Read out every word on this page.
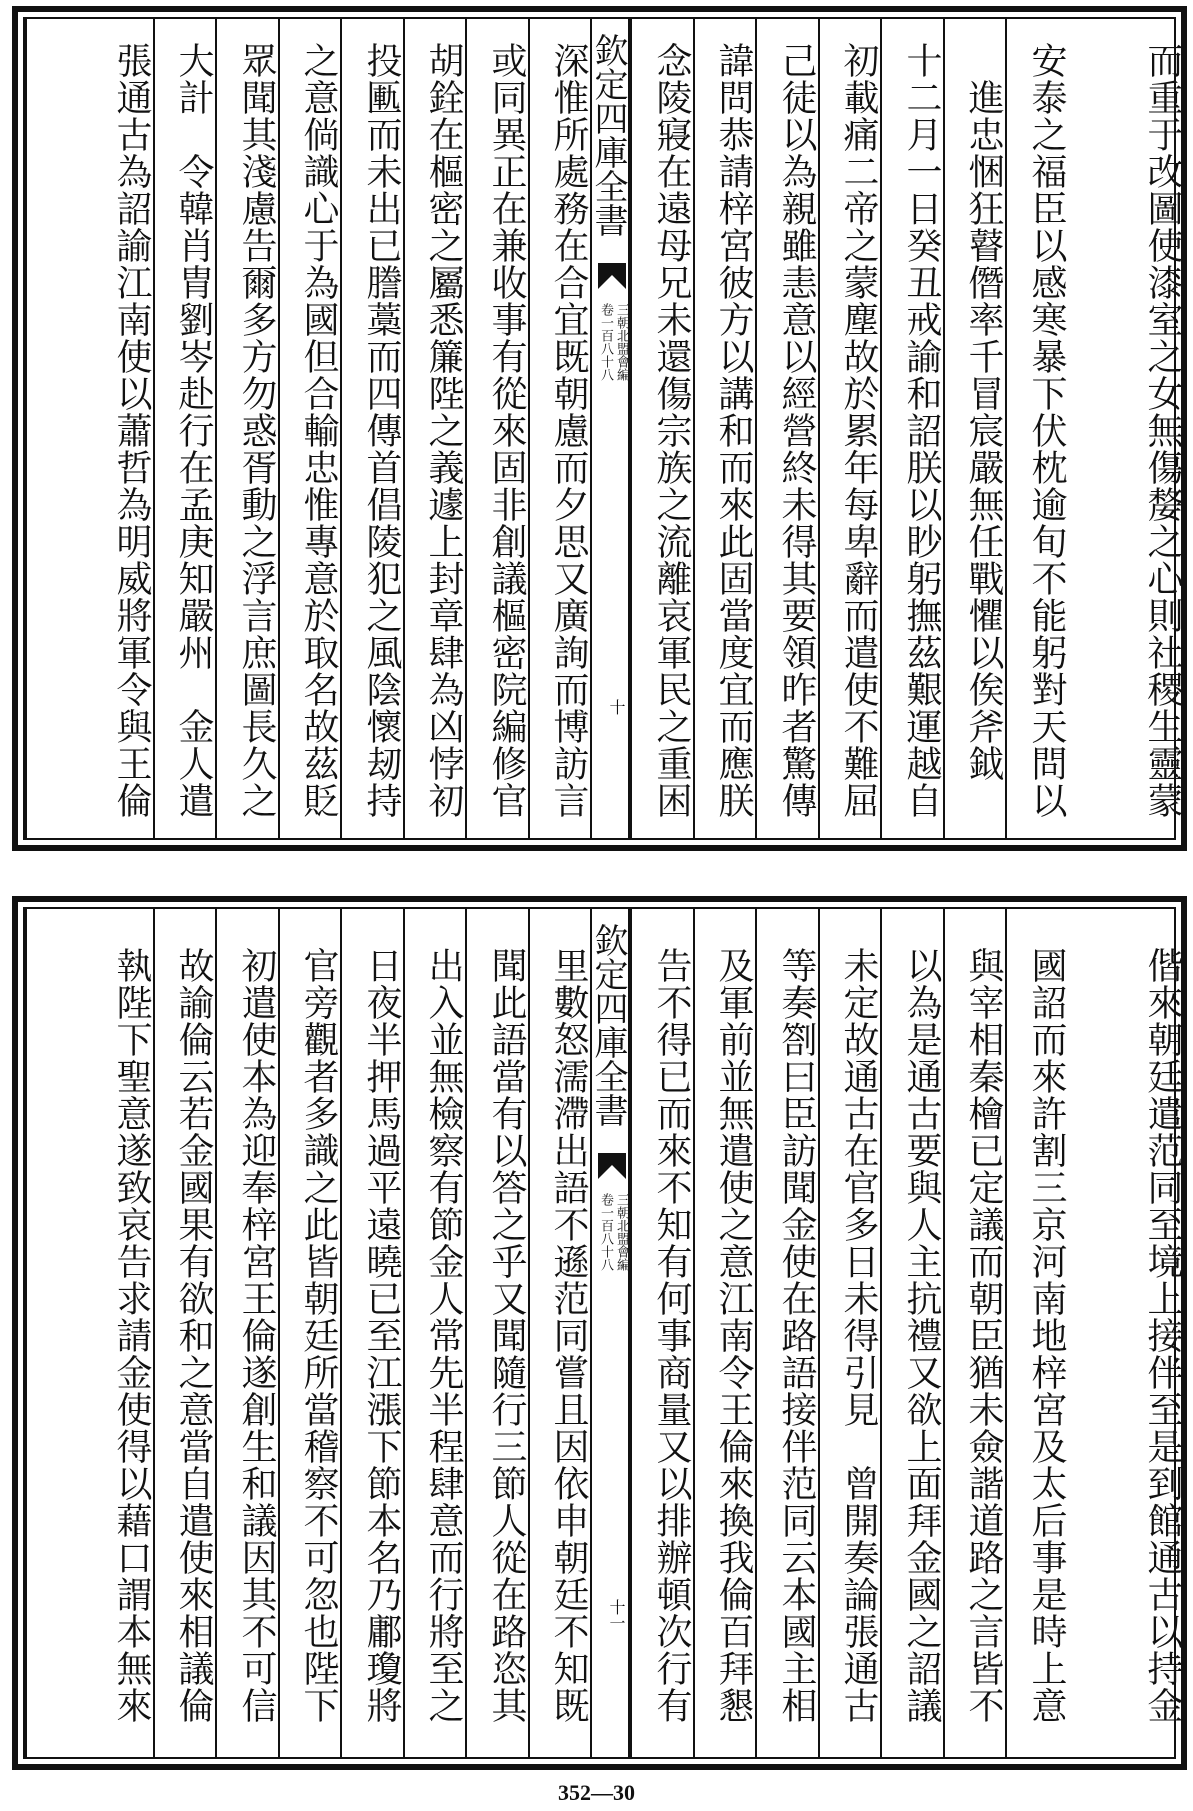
而重于改圖使漆室之女無傷嫠之心則社稷生靈蒙
安泰之福臣以感寒暴下伏枕逾旬不能躬對天問以
進忠悃狂瞽僭率千冒宸嚴無任戰懼以俟斧鉞
十二月一日癸丑戒諭和詔朕以眇躬撫茲艱運越自
初載痛二帝之蒙塵故於累年每卑辭而遣使不難屈
己徒以為親雖恚意以經營終未得其要領昨者驚傳
諱問恭請梓宮彼方以講和而來此固當度宜而應朕
念陵寢在遠母兄未還傷宗族之流離哀軍民之重困
欽定四庫全書
三朝北盟會編
卷一百八十八
十
深惟所處務在合宜既朝慮而夕思又廣詢而博訪言
或同異正在兼收事有從來固非創議樞密院編修官
胡銓在樞密之屬悉簾陛之義遽上封章肆為凶悖初
投匭而未出已謄藁而四傳首倡陵犯之風陰懷刼持
之意倘識心于為國但合輸忠惟專意於取名故茲貶
眾聞其淺慮告爾多方勿惑胥動之浮言庶圖長久之
大計　令韓肖胄劉岑赴行在孟庚知嚴州　金人遣
張通古為詔諭江南使以蕭哲為明威將軍令與王倫
偕來朝廷遣范同至境上接伴至是到館通古以持金
國詔而來許割三京河南地梓宮及太后事是時上意
與宰相秦檜已定議而朝臣猶未僉諧道路之言皆不
以為是通古要與人主抗禮又欲上面拜金國之詔議
未定故通古在官多日未得引見　曾開奏論張通古
等奏劄曰臣訪聞金使在路語接伴范同云本國主相
及軍前並無遣使之意江南令王倫來換我倫百拜懇
告不得已而來不知有何事商量又以排辦頓次行有
欽定四庫全書
三朝北盟會編
卷一百八十八
十一
里數怒濡滯出語不遜范同嘗且因依申朝廷不知既
聞此語當有以答之乎又聞隨行三節人從在路恣其
出入並無檢察有節金人常先半程肆意而行將至之
日夜半押馬過平遠曉已至江漲下節本名乃鄘瓊將
官旁觀者多識之此皆朝廷所當稽察不可忽也陛下
初遣使本為迎奉梓宮王倫遂創生和議因其不可信
故諭倫云若金國果有欲和之意當自遣使來相議倫
執陛下聖意遂致哀告求請金使得以藉口謂本無來
352—30
